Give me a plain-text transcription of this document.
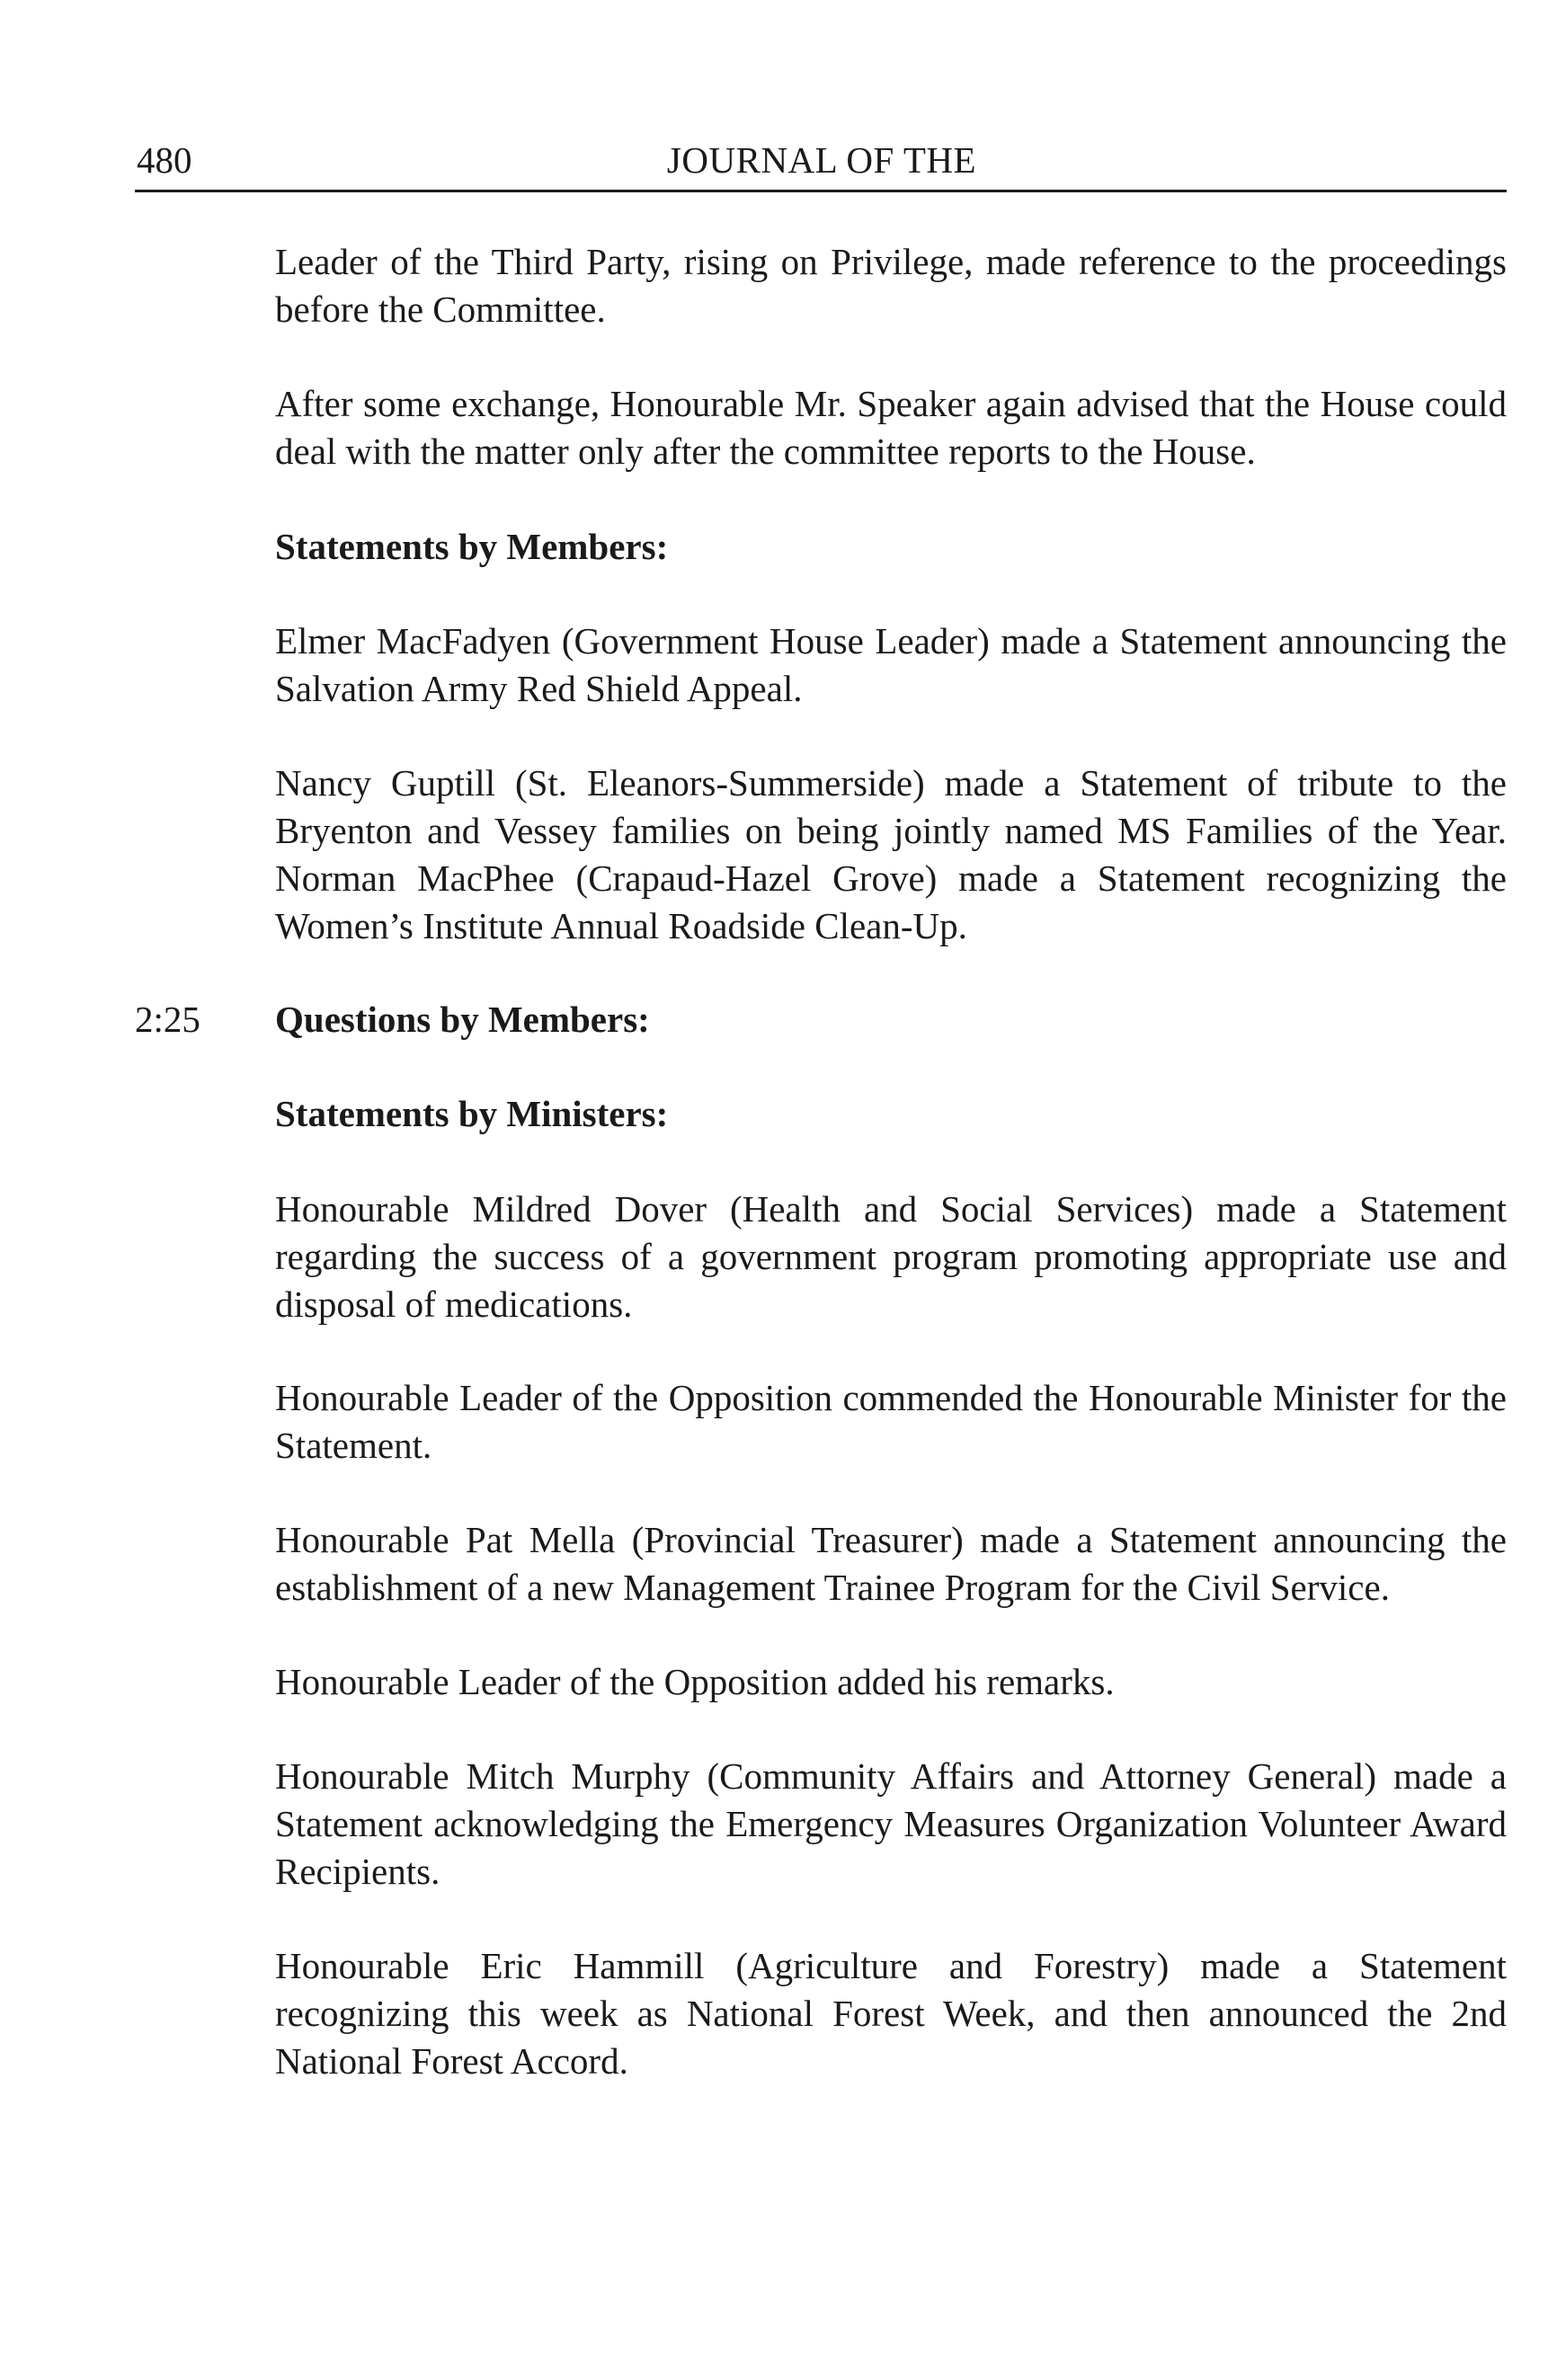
480	JOURNAL OF THE

Leader of the Third Party, rising on Privilege, made reference to the proceedings before the Committee.

After some exchange, Honourable Mr. Speaker again advised that the House could deal with the matter only after the committee reports to the House.

Statements by Members:

Elmer MacFadyen (Government House Leader) made a Statement announcing the Salvation Army Red Shield Appeal.

Nancy Guptill (St. Eleanors-Summerside) made a Statement of tribute to the Bryenton and Vessey families on being jointly named MS Families of the Year. Norman MacPhee (Crapaud-Hazel Grove) made a Statement recognizing the Women’s Institute Annual Roadside Clean-Up.

2:25 Questions by Members:
Statements by Ministers:

Honourable Mildred Dover (Health and Social Services) made a Statement regarding the success of a government program promoting appropriate use and disposal of medications.

Honourable Leader of the Opposition commended the Honourable Minister for the Statement.

Honourable Pat Mella (Provincial Treasurer) made a Statement announcing the establishment of a new Management Trainee Program for the Civil Service.

Honourable Leader of the Opposition added his remarks.

Honourable Mitch Murphy (Community Affairs and Attorney General) made a Statement acknowledging the Emergency Measures Organization Volunteer Award Recipients.

Honourable Eric Hammill (Agriculture and Forestry) made a Statement recognizing this week as National Forest Week, and then announced the 2nd National Forest Accord.
